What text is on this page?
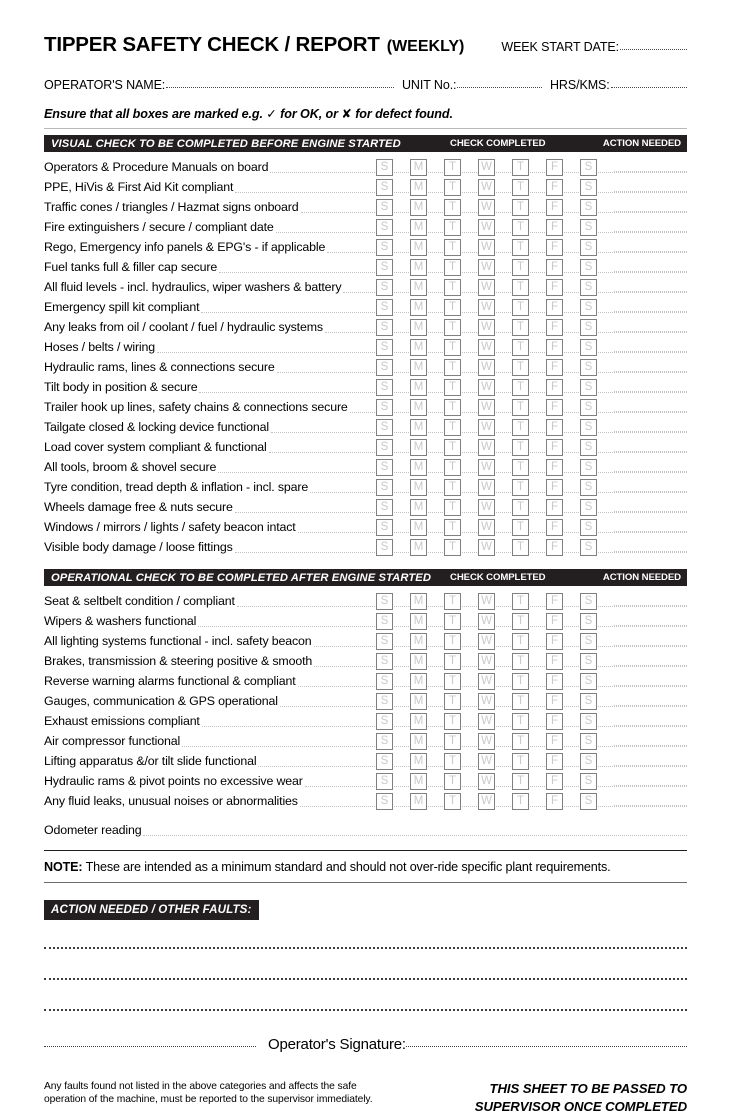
TIPPER SAFETY CHECK / REPORT (WEEKLY)	WEEK START DATE:
OPERATOR'S NAME:	UNIT No.:	HRS/KMS:
Ensure that all boxes are marked e.g. ✓ for OK, or ✘ for defect found.
VISUAL CHECK TO BE COMPLETED BEFORE ENGINE STARTED	CHECK COMPLETED	ACTION NEEDED
Operators & Procedure Manuals on board	S	M	T	W	T	F	S
PPE, HiVis & First Aid Kit compliant	S	M	T	W	T	F	S
Traffic cones / triangles / Hazmat signs onboard	S	M	T	W	T	F	S
Fire extinguishers / secure / compliant date	S	M	T	W	T	F	S
Rego, Emergency info panels & EPG's - if applicable	S	M	T	W	T	F	S
Fuel tanks full & filler cap secure	S	M	T	W	T	F	S
All fluid levels - incl. hydraulics, wiper washers & battery	S	M	T	W	T	F	S
Emergency spill kit compliant	S	M	T	W	T	F	S
Any leaks from oil / coolant / fuel / hydraulic systems	S	M	T	W	T	F	S
Hoses / belts / wiring	S	M	T	W	T	F	S
Hydraulic rams, lines & connections secure	S	M	T	W	T	F	S
Tilt body in position & secure	S	M	T	W	T	F	S
Trailer hook up lines, safety chains & connections secure	S	M	T	W	T	F	S
Tailgate closed & locking device functional	S	M	T	W	T	F	S
Load cover system compliant & functional	S	M	T	W	T	F	S
All tools, broom & shovel secure	S	M	T	W	T	F	S
Tyre condition, tread depth & inflation - incl. spare	S	M	T	W	T	F	S
Wheels damage free & nuts secure	S	M	T	W	T	F	S
Windows / mirrors / lights / safety beacon intact	S	M	T	W	T	F	S
Visible body damage / loose fittings	S	M	T	W	T	F	S
OPERATIONAL CHECK TO BE COMPLETED AFTER ENGINE STARTED CHECK COMPLETED	ACTION NEEDED
Seat & seltbelt condition / compliant	S	M	T	W	T	F	S
Wipers & washers functional	S	M	T	W	T	F	S
All lighting systems functional - incl. safety beacon	S	M	T	W	T	F	S
Brakes, transmission & steering positive & smooth	S	M	T	W	T	F	S
Reverse warning alarms functional & compliant	S	M	T	W	T	F	S
Gauges, communication & GPS operational	S	M	T	W	T	F	S
Exhaust emissions compliant	S	M	T	W	T	F	S
Air compressor functional	S	M	T	W	T	F	S
Lifting apparatus &/or tilt slide functional	S	M	T	W	T	F	S
Hydraulic rams & pivot points no excessive wear	S	M	T	W	T	F	S
Any fluid leaks, unusual noises or abnormalities	S	M	T	W	T	F	S
Odometer reading
NOTE: These are intended as a minimum standard and should not over-ride specific plant requirements.
ACTION NEEDED / OTHER FAULTS:
Operator's Signature:
Any faults found not listed in the above categories and affects the safe
operation of the machine, must be reported to the supervisor immediately.
THIS SHEET TO BE PASSED TO
SUPERVISOR ONCE COMPLETED
